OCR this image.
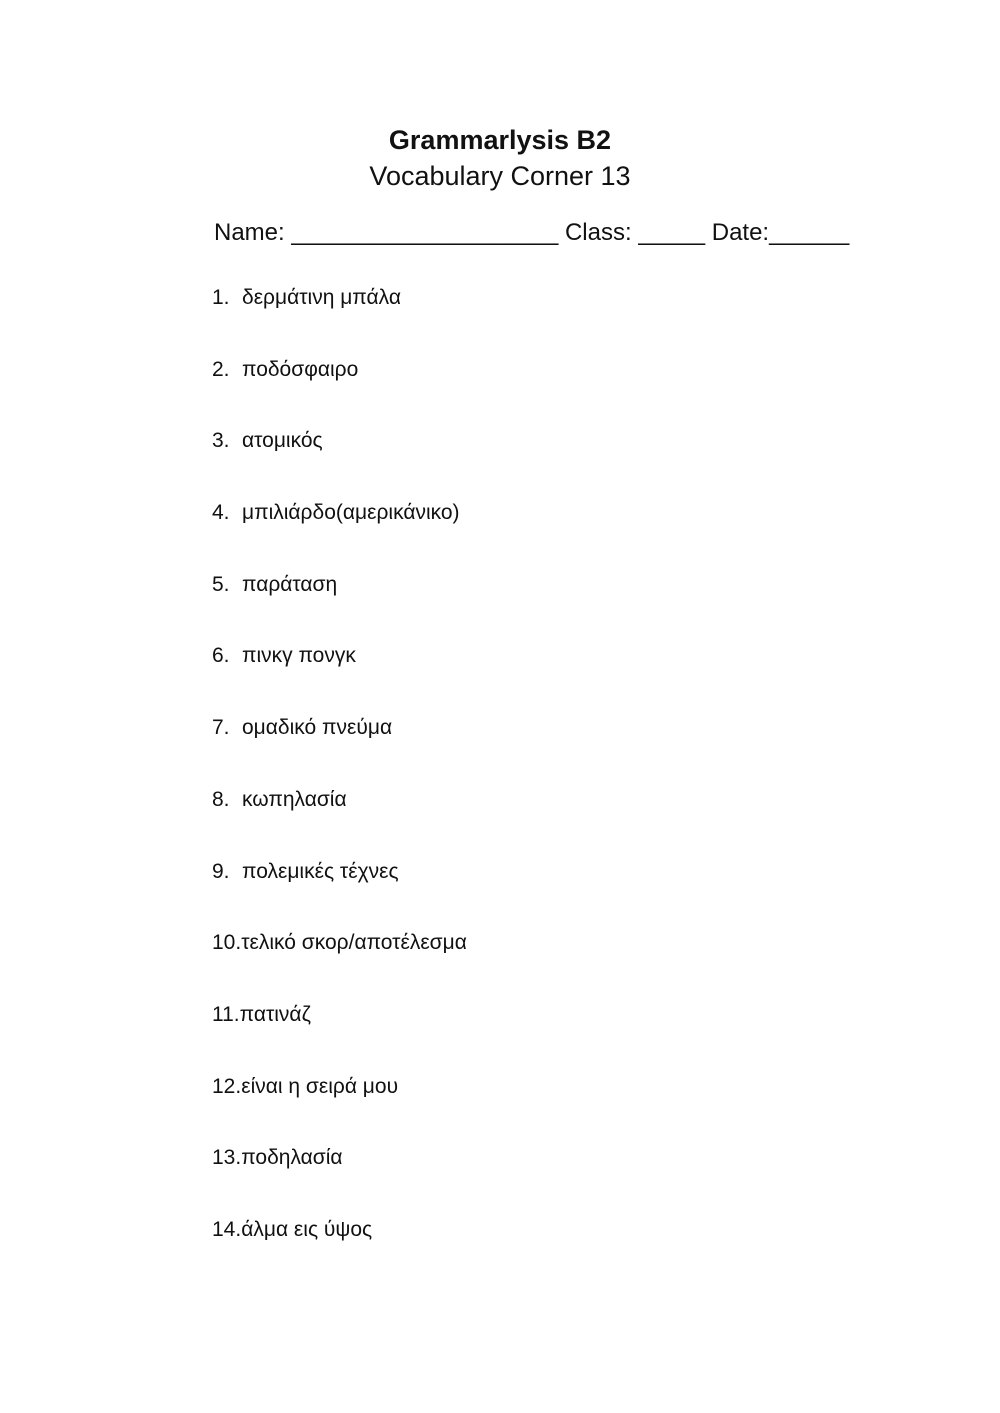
Grammarlysis B2
Vocabulary Corner 13
Name: ____________________ Class: _____ Date:______
1. δερμάτινη μπάλα
2. ποδόσφαιρο
3. ατομικός
4. μπιλιάρδο(αμερικάνικο)
5. παράταση
6. πινκγ πονγκ
7. ομαδικό πνεύμα
8. κωπηλασία
9. πολεμικές τέχνες
10.τελικό σκορ/αποτέλεσμα
11.πατινάζ
12.είναι η σειρά μου
13.ποδηλασία
14.άλμα εις ύψος
